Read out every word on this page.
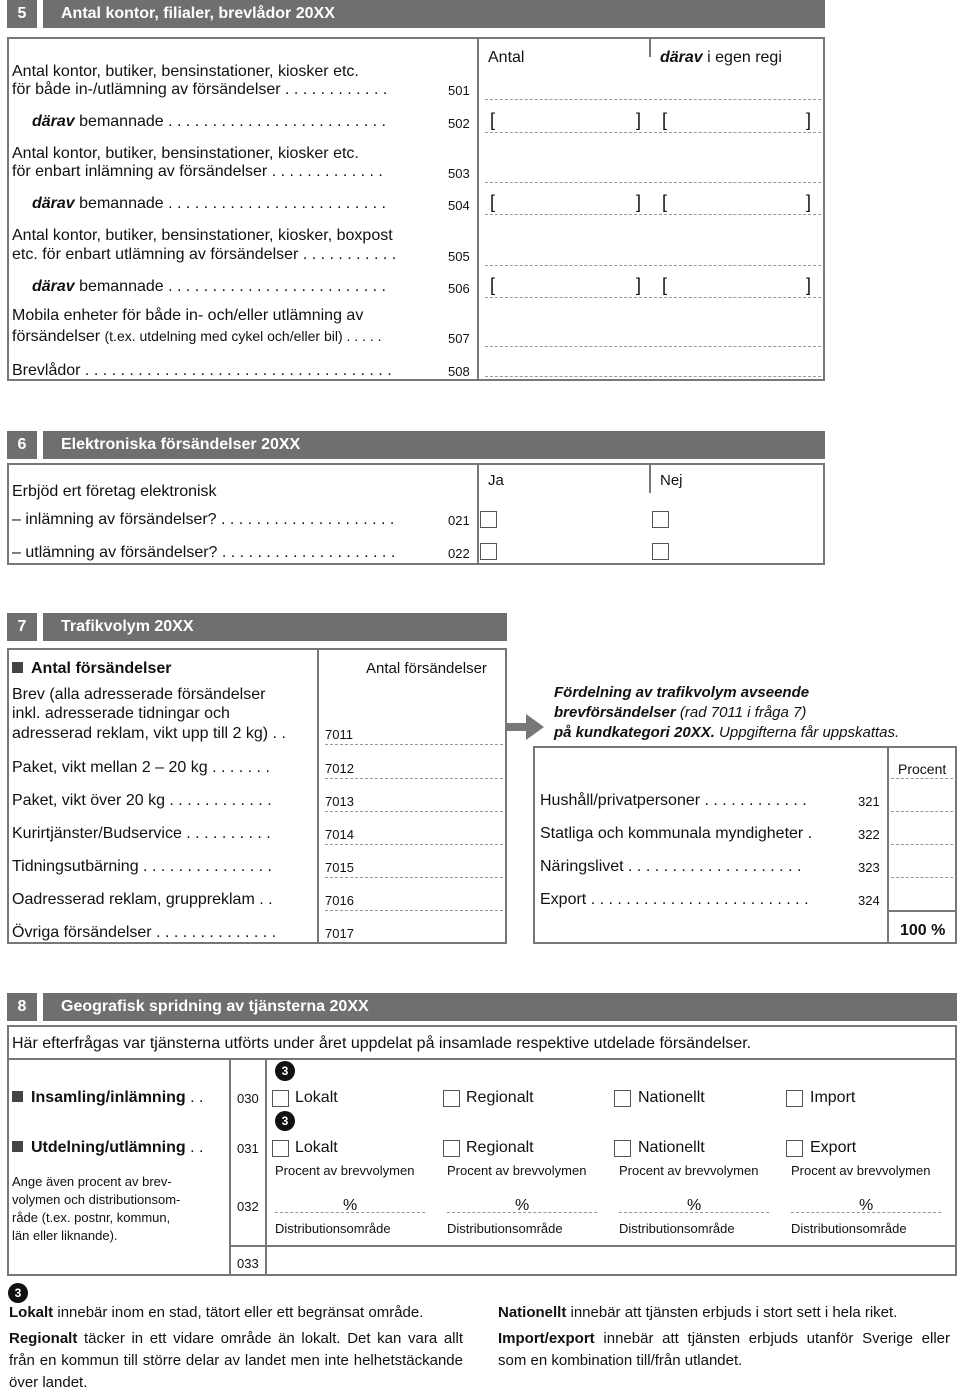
5	Antal kontor, filialer, brevlådor 20XX
Antal	därav i egen regi
Antal kontor, butiker, bensinstationer, kiosker etc.
för både in-/utlämning av försändelser . . . . . . . . . . . .	501
därav bemannade . . . . . . . . . . . . . . . . . . . . . . . . .	502 [	] [	]
Antal kontor, butiker, bensinstationer, kiosker etc.
för enbart inlämning av försändelser . . . . . . . . . . . . .	503
därav bemannade . . . . . . . . . . . . . . . . . . . . . . . . .	504 [	] [	]
Antal kontor, butiker, bensinstationer, kiosker, boxpost
etc. för enbart utlämning av försändelser . . . . . . . . . . .	505
därav bemannade . . . . . . . . . . . . . . . . . . . . . . . . .	506 [	] [	]
Mobila enheter för både in- och/eller utlämning av
försändelser (t.ex. utdelning med cykel och/eller bil) . . . . .	507
Brevlådor . . . . . . . . . . . . . . . . . . . . . . . . . . . . . . . . . . .	508
6	Elektroniska försändelser 20XX
Erbjöd ert företag elektronisk
Ja	Nej
– inlämning av försändelser? . . . . . . . . . . . . . . . . . . . .	021
– utlämning av försändelser? . . . . . . . . . . . . . . . . . . . .	022
7	Trafikvolym 20XX
Antal försändelser	Antal försändelser
Brev (alla adresserade försändelser
inkl. adresserade tidningar och
adresserad reklam, vikt upp till 2 kg) . .	7011
Paket, vikt mellan 2 – 20 kg . . . . . . .	7012
Paket, vikt över 20 kg . . . . . . . . . . . .	7013
Kurirtjänster/Budservice . . . . . . . . . .	7014
Tidningsutbärning . . . . . . . . . . . . . . .	7015
Oadresserad reklam, gruppreklam . .	7016
Övriga försändelser . . . . . . . . . . . . . .	7017
Fördelning av trafikvolym avseende
brevförsändelser (rad 7011 i fråga 7)
på kundkategori 20XX. Uppgifterna får uppskattas.
Procent
Hushåll/privatpersoner . . . . . . . . . . . .	321
Statliga och kommunala myndigheter .	322
Näringslivet . . . . . . . . . . . . . . . . . . . .	323
Export . . . . . . . . . . . . . . . . . . . . . . . . .	324
100 %
8	Geografisk spridning av tjänsterna 20XX
Här efterfrågas var tjänsterna utförts under året uppdelat på insamlade respektive utdelade försändelser.
3
3
Insamling/inlämning . .	030 Lokalt	Regionalt	Nationellt	Import
Utdelning/utlämning . .	031 Lokalt	Regionalt	Nationellt	Export
Ange även procent av brev-
volymen och distributionsom-
råde (t.ex. postnr, kommun,
län eller liknande).
032
033
Procent av brevvolymen	Procent av brevvolymen	Procent av brevvolymen	Procent av brevvolymen
%	%	%	%
Distributionsområde	Distributionsområde	Distributionsområde	Distributionsområde
3
Lokalt innebär inom en stad, tätort eller ett begränsat område.
Regionalt täcker in ett vidare område än lokalt. Det kan vara allt från en kommun till större delar av landet men inte helhetstäckande över landet.
Nationellt innebär att tjänsten erbjuds i stort sett i hela riket.
Import/export innebär att tjänsten erbjuds utanför Sverige eller som en kombination till/från utlandet.
